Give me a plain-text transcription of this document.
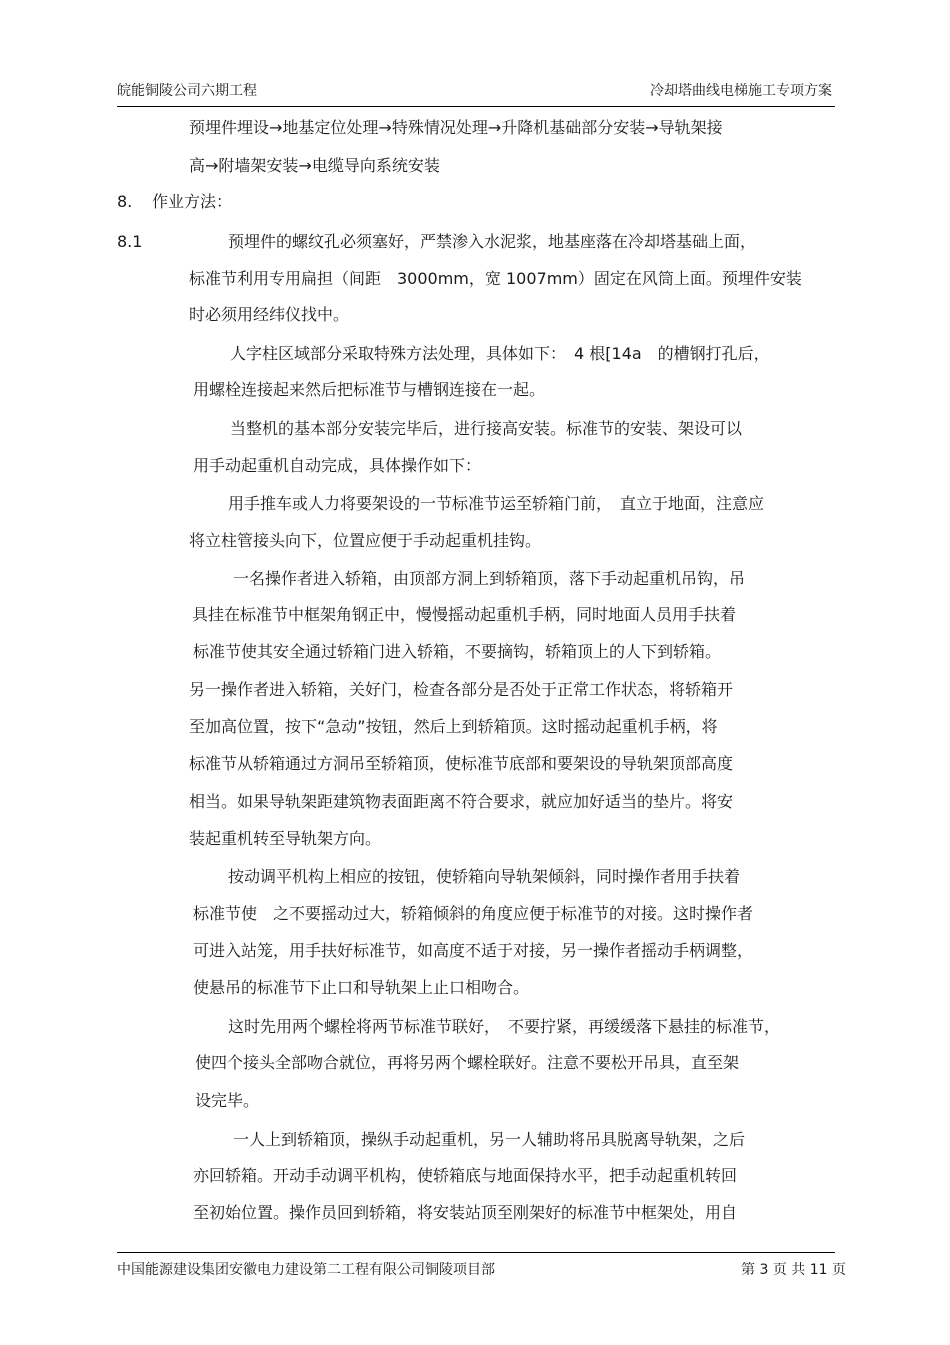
皖能铜陵公司六期工程	冷却塔曲线电梯施工专项方案
预埋件埋设→地基定位处理→特殊情况处理→升降机基础部分安装→导轨架接
高→附墙架安装→电缆导向系统安装
8. 作业方法：
8.1	预埋件的螺纹孔必须塞好，严禁渗入水泥浆，地基座落在冷却塔基础上面，
标准节利用专用扁担（间距　3000mm，宽 1007mm）固定在风筒上面。预埋件安装
时必须用经纬仪找中。
人字柱区域部分采取特殊方法处理，具体如下：　4 根[14a　的槽钢打孔后，
用螺栓连接起来然后把标准节与槽钢连接在一起。
当整机的基本部分安装完毕后，进行接高安装。标准节的安装、架设可以
用手动起重机自动完成，具体操作如下：
用手推车或人力将要架设的一节标准节运至轿箱门前，　直立于地面，注意应
将立柱管接头向下，位置应便于手动起重机挂钩。
一名操作者进入轿箱，由顶部方洞上到轿箱顶，落下手动起重机吊钩，吊
具挂在标准节中框架角钢正中，慢慢摇动起重机手柄，同时地面人员用手扶着
标准节使其安全通过轿箱门进入轿箱，不要摘钩，轿箱顶上的人下到轿箱。
另一操作者进入轿箱，关好门，检查各部分是否处于正常工作状态，将轿箱开
至加高位置，按下“急动”按钮，然后上到轿箱顶。这时摇动起重机手柄，将
标准节从轿箱通过方洞吊至轿箱顶，使标准节底部和要架设的导轨架顶部高度
相当。如果导轨架距建筑物表面距离不符合要求，就应加好适当的垫片。将安
装起重机转至导轨架方向。
按动调平机构上相应的按钮，使轿箱向导轨架倾斜，同时操作者用手扶着
标准节使　之不要摇动过大，轿箱倾斜的角度应便于标准节的对接。这时操作者
可进入站笼，用手扶好标准节，如高度不适于对接，另一操作者摇动手柄调整，
使悬吊的标准节下止口和导轨架上止口相吻合。
这时先用两个螺栓将两节标准节联好，　不要拧紧，再缓缓落下悬挂的标准节，
使四个接头全部吻合就位，再将另两个螺栓联好。注意不要松开吊具，直至架
设完毕。
一人上到轿箱顶，操纵手动起重机，另一人辅助将吊具脱离导轨架，之后
亦回轿箱。开动手动调平机构，使轿箱底与地面保持水平，把手动起重机转回
至初始位置。操作员回到轿箱，将安装站顶至刚架好的标准节中框架处，用自
中国能源建设集团安徽电力建设第二工程有限公司铜陵项目部	第 3 页 共 11 页
